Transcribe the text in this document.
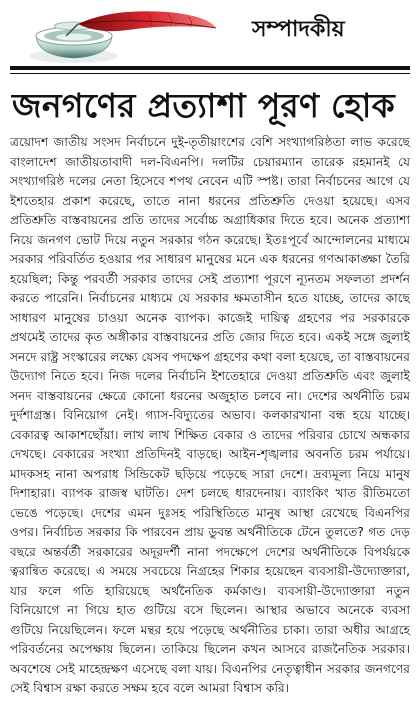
সম্পাদকীয়
জনগণের প্রত্যাশা পূরণ হোক

ত্রয়োদশ জাতীয় সংসদ নির্বাচনে দুই-তৃতীয়াংশের বেশি সংখ্যাগরিষ্ঠতা লাভ করেছে বাংলাদেশ জাতীয়তাবাদী দল-বিএনপি। দলটির চেয়ারম্যান তারেক রহমানই যে সংখ্যাগরিষ্ঠ দলের নেতা হিসেবে শপথ নেবেন এটি স্পষ্ট। তারা নির্বাচনের আগে যে ইশতেহার প্রকাশ করেছে, তাতে নানা ধরনের প্রতিশ্রুতি দেওয়া হয়েছে। এসব প্রতিশ্রুতি বাস্তবায়নের প্রতি তাদের সর্বোচ্চ অগ্রাধিকার দিতে হবে। অনেক প্রত্যাশা নিয়ে জনগণ ভোট দিয়ে নতুন সরকার গঠন করেছে। ইতঃপূর্বে আন্দোলনের মাধ্যমে সরকার পরিবর্তিত হওয়ার পর সাধারণ মানুষের মনে এক ধরনের গণআকাঙ্ক্ষা তৈরি হয়েছিল; কিন্তু পরবর্তী সরকার তাদের সেই প্রত্যাশা পূরণে ন্যূনতম সফলতা প্রদর্শন করতে পারেনি। নির্বাচনের মাধ্যমে যে সরকার ক্ষমতাসীন হতে যাচ্ছে, তাদের কাছে সাধারণ মানুষের চাওয়া অনেক ব্যাপক। কাজেই দায়িত্ব গ্রহণের পর সরকারকে প্রথমেই তাদের কৃত অঙ্গীকার বাস্তবায়নের প্রতি জোর দিতে হবে। একই সঙ্গে জুলাই সনদে রাষ্ট্র সংস্কারের লক্ষ্যে যেসব পদক্ষেপ গ্রহণের কথা বলা হয়েছে, তা বাস্তবায়নের উদ্যোগ নিতে হবে। নিজ দলের নির্বাচনি ইশতেহারে দেওয়া প্রতিশ্রুতি এবং জুলাই সনদ বাস্তবায়নের ক্ষেত্রে কোনো ধরনের অজুহাত চলবে না। দেশের অর্থনীতি চরম দুর্দশাগ্রস্ত। বিনিয়োগ নেই। গ্যাস-বিদ্যুতের অভাব। কলকারখানা বন্ধ হয়ে যাচ্ছে। বেকারত্ব আকাশছোঁয়া। লাখ লাখ শিক্ষিত বেকার ও তাদের পরিবার চোখে অন্ধকার দেখছে। বেকারের সংখ্যা প্রতিদিনই বাড়ছে। আইন-শৃঙ্খলার অবনতি চরম পর্যায়ে। মাদকসহ নানা অপরাধ সিন্ডিকেট ছড়িয়ে পড়েছে সারা দেশে। দ্রব্যমূল্য নিয়ে মানুষ দিশাহারা। ব্যাপক রাজস্ব ঘাটতি। দেশ চলছে ধারদেনায়। ব্যাংকিং খাত রীতিমতো ভেঙে পড়েছে। দেশের এমন দুঃসহ পরিস্থিতিতে মানুষ আস্থা রেখেছে বিএনপির ওপর। নির্বাচিত সরকার কি পারবেন প্রায় ডুবন্ত অর্থনীতিকে টেনে তুলতে? গত দেড় বছরে অন্তর্বর্তী সরকারের অদূরদর্শী নানা পদক্ষেপে দেশের অর্থনীতিকে বিপর্যয়কে ত্বরান্বিত করেছে। এ সময়ে সবচেয়ে নিগ্রহের শিকার হয়েছেন ব্যবসায়ী-উদ্যোক্তারা, যার ফলে গতি হারিয়েছে অর্থনৈতিক কর্মকাণ্ড। ব্যবসায়ী-উদ্যোক্তারা নতুন বিনিয়োগে না গিয়ে হাত গুটিয়ে বসে ছিলেন। আস্থার অভাবে অনেকে ব্যবসা গুটিয়ে নিয়েছিলেন। ফলে মন্থর হয়ে পড়েছে অর্থনীতির চাকা। তারা অধীর আগ্রহে পরিবর্তনের অপেক্ষায় ছিলেন। তাকিয়ে ছিলেন কখন আসবে রাজনৈতিক সরকার। অবশেষে সেই মাহেন্দ্রক্ষণ এসেছে বলা যায়। বিএনপির নেতৃত্বাধীন সরকার জনগণের সেই বিশ্বাস রক্ষা করতে সক্ষম হবে বলে আমরা বিশ্বাস করি।
